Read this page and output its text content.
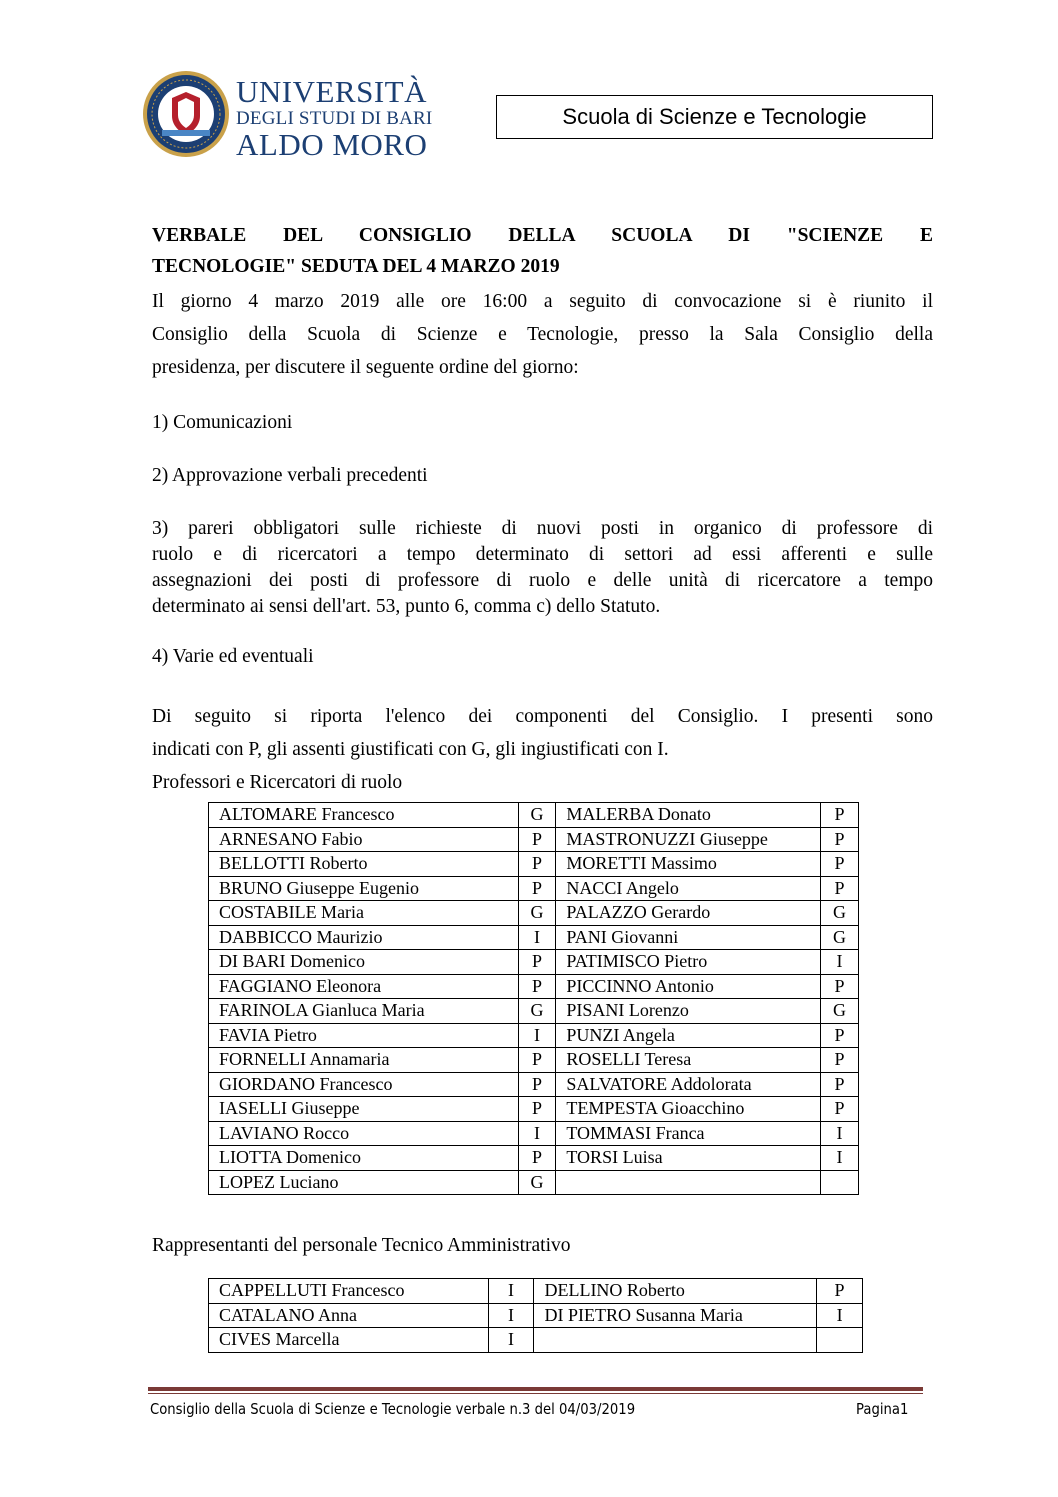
UNIVERSITÀ
DEGLI STUDI DI BARI
ALDO MORO
Scuola di Scienze e Tecnologie
VERBALE DEL CONSIGLIO DELLA SCUOLA DI "SCIENZE E
TECNOLOGIE" SEDUTA DEL 4 MARZO 2019
Il giorno 4 marzo 2019 alle ore 16:00 a seguito di convocazione si è riunito il
Consiglio della Scuola di Scienze e Tecnologie, presso la Sala Consiglio della
presidenza, per discutere il seguente ordine del giorno:
1) Comunicazioni
2) Approvazione verbali precedenti
3) pareri obbligatori sulle richieste di nuovi posti in organico di professore di
ruolo e di ricercatori a tempo determinato di settori ad essi afferenti e sulle
assegnazioni dei posti di professore di ruolo e delle unità di ricercatore a tempo
determinato ai sensi dell'art. 53, punto 6, comma c) dello Statuto.
4) Varie ed eventuali
Di seguito si riporta l'elenco dei componenti del Consiglio. I presenti sono
indicati con P, gli assenti giustificati con G, gli ingiustificati con I.
Professori e Ricercatori di ruolo
ALTOMARE Francesco	G	MALERBA Donato	P
ARNESANO Fabio	P	MASTRONUZZI Giuseppe	P
BELLOTTI Roberto	P	MORETTI Massimo	P
BRUNO Giuseppe Eugenio	P	NACCI Angelo	P
COSTABILE Maria	G	PALAZZO Gerardo	G
DABBICCO Maurizio	I	PANI Giovanni	G
DI BARI Domenico	P	PATIMISCO Pietro	I
FAGGIANO Eleonora	P	PICCINNO Antonio	P
FARINOLA Gianluca Maria	G	PISANI Lorenzo	G
FAVIA Pietro	I	PUNZI Angela	P
FORNELLI Annamaria	P	ROSELLI Teresa	P
GIORDANO Francesco	P	SALVATORE Addolorata	P
IASELLI Giuseppe	P	TEMPESTA Gioacchino	P
LAVIANO Rocco	I	TOMMASI Franca	I
LIOTTA Domenico	P	TORSI Luisa	I
LOPEZ Luciano	G		
Rappresentanti del personale Tecnico Amministrativo
CAPPELLUTI Francesco	I	DELLINO Roberto	P
CATALANO Anna	I	DI PIETRO Susanna Maria	I
CIVES Marcella	I		
Consiglio della Scuola di Scienze e Tecnologie verbale n.3 del 04/03/2019	Pagina1
